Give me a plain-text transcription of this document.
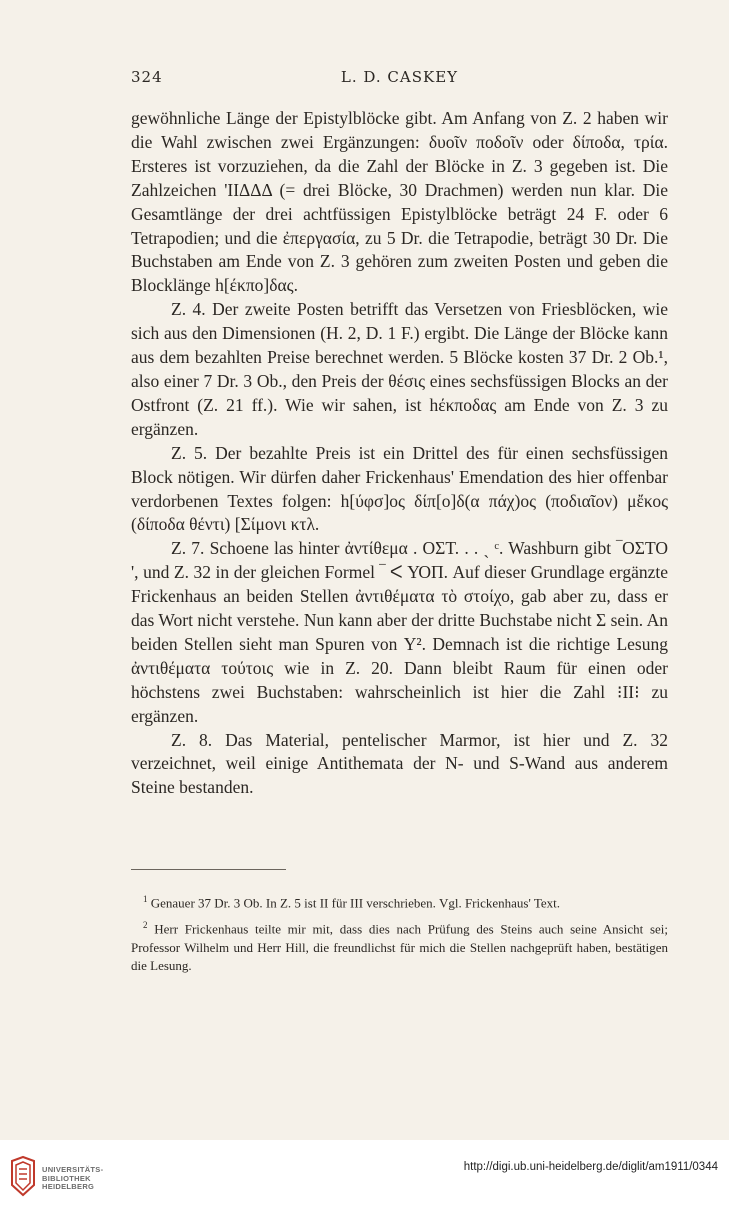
324	L. D. CASKEY

gewöhnliche Länge der Epistylblöcke gibt. Am Anfang von Z. 2 haben wir die Wahl zwischen zwei Ergänzungen: δυοῖν ποδοῖν oder δίποδα, τρία. Ersteres ist vorzuziehen, da die Zahl der Blöcke in Z. 3 gegeben ist. Die Zahlzeichen 'ΙΙΔΔΔ (= drei Blöcke, 30 Drachmen) werden nun klar. Die Gesamtlänge der drei achtfüssigen Epistylblöcke beträgt 24 F. oder 6 Tetrapodien; und die ἐπεργασία, zu 5 Dr. die Tetrapodie, beträgt 30 Dr. Die Buchstaben am Ende von Z. 3 gehören zum zweiten Posten und geben die Blocklänge h[έκπο]δας.

Z. 4. Der zweite Posten betrifft das Versetzen von Friesblöcken, wie sich aus den Dimensionen (H. 2, D. 1 F.) ergibt. Die Länge der Blöcke kann aus dem bezahlten Preise berechnet werden. 5 Blöcke kosten 37 Dr. 2 Ob.¹, also einer 7 Dr. 3 Ob., den Preis der θέσις eines sechsfüssigen Blocks an der Ostfront (Z. 21 ff.). Wie wir sahen, ist hέκποδας am Ende von Z. 3 zu ergänzen.

Z. 5. Der bezahlte Preis ist ein Drittel des für einen sechsfüssigen Block nötigen. Wir dürfen daher Frickenhaus' Emendation des hier offenbar verdorbenen Textes folgen: h[ύφσ]ος δίπ[ο]δ(α πάχ)ος (ποδιαῖον) μἔκος (δίποδα θέντι) [Σίμονι κτλ.

Z. 7. Schoene las hinter ἀντίθεμα . ΟΣΤ. . . ˎ ᶜ. Washburn gibt ‾ΟΣΤΟ ', und Z. 32 in der gleichen Formel ‾ ᐸ ΥΟΠ. Auf dieser Grundlage ergänzte Frickenhaus an beiden Stellen ἀντιθέματα τὸ στοίχο, gab aber zu, dass er das Wort nicht verstehe. Nun kann aber der dritte Buchstabe nicht Σ sein. An beiden Stellen sieht man Spuren von Υ². Demnach ist die richtige Lesung ἀντιθέματα τούτοις wie in Z. 20. Dann bleibt Raum für einen oder höchstens zwei Buchstaben: wahrscheinlich ist hier die Zahl ⁝ΙΙ⁝ zu ergänzen.

Z. 8. Das Material, pentelischer Marmor, ist hier und Z. 32 verzeichnet, weil einige Antithemata der N- und S-Wand aus anderem Steine bestanden.

$^1$ Genauer 37 Dr. 3 Ob. In Z. 5 ist II für III verschrieben. Vgl. Frickenhaus' Text.

$^2$ Herr Frickenhaus teilte mir mit, dass dies nach Prüfung des Steins auch seine Ansicht sei; Professor Wilhelm und Herr Hill, die freundlichst für mich die Stellen nachgeprüft haben, bestätigen die Lesung.

UNIVERSITÄTS-
BIBLIOTHEK
HEIDELBERG
http://digi.ub.uni-heidelberg.de/diglit/am1911/0344
